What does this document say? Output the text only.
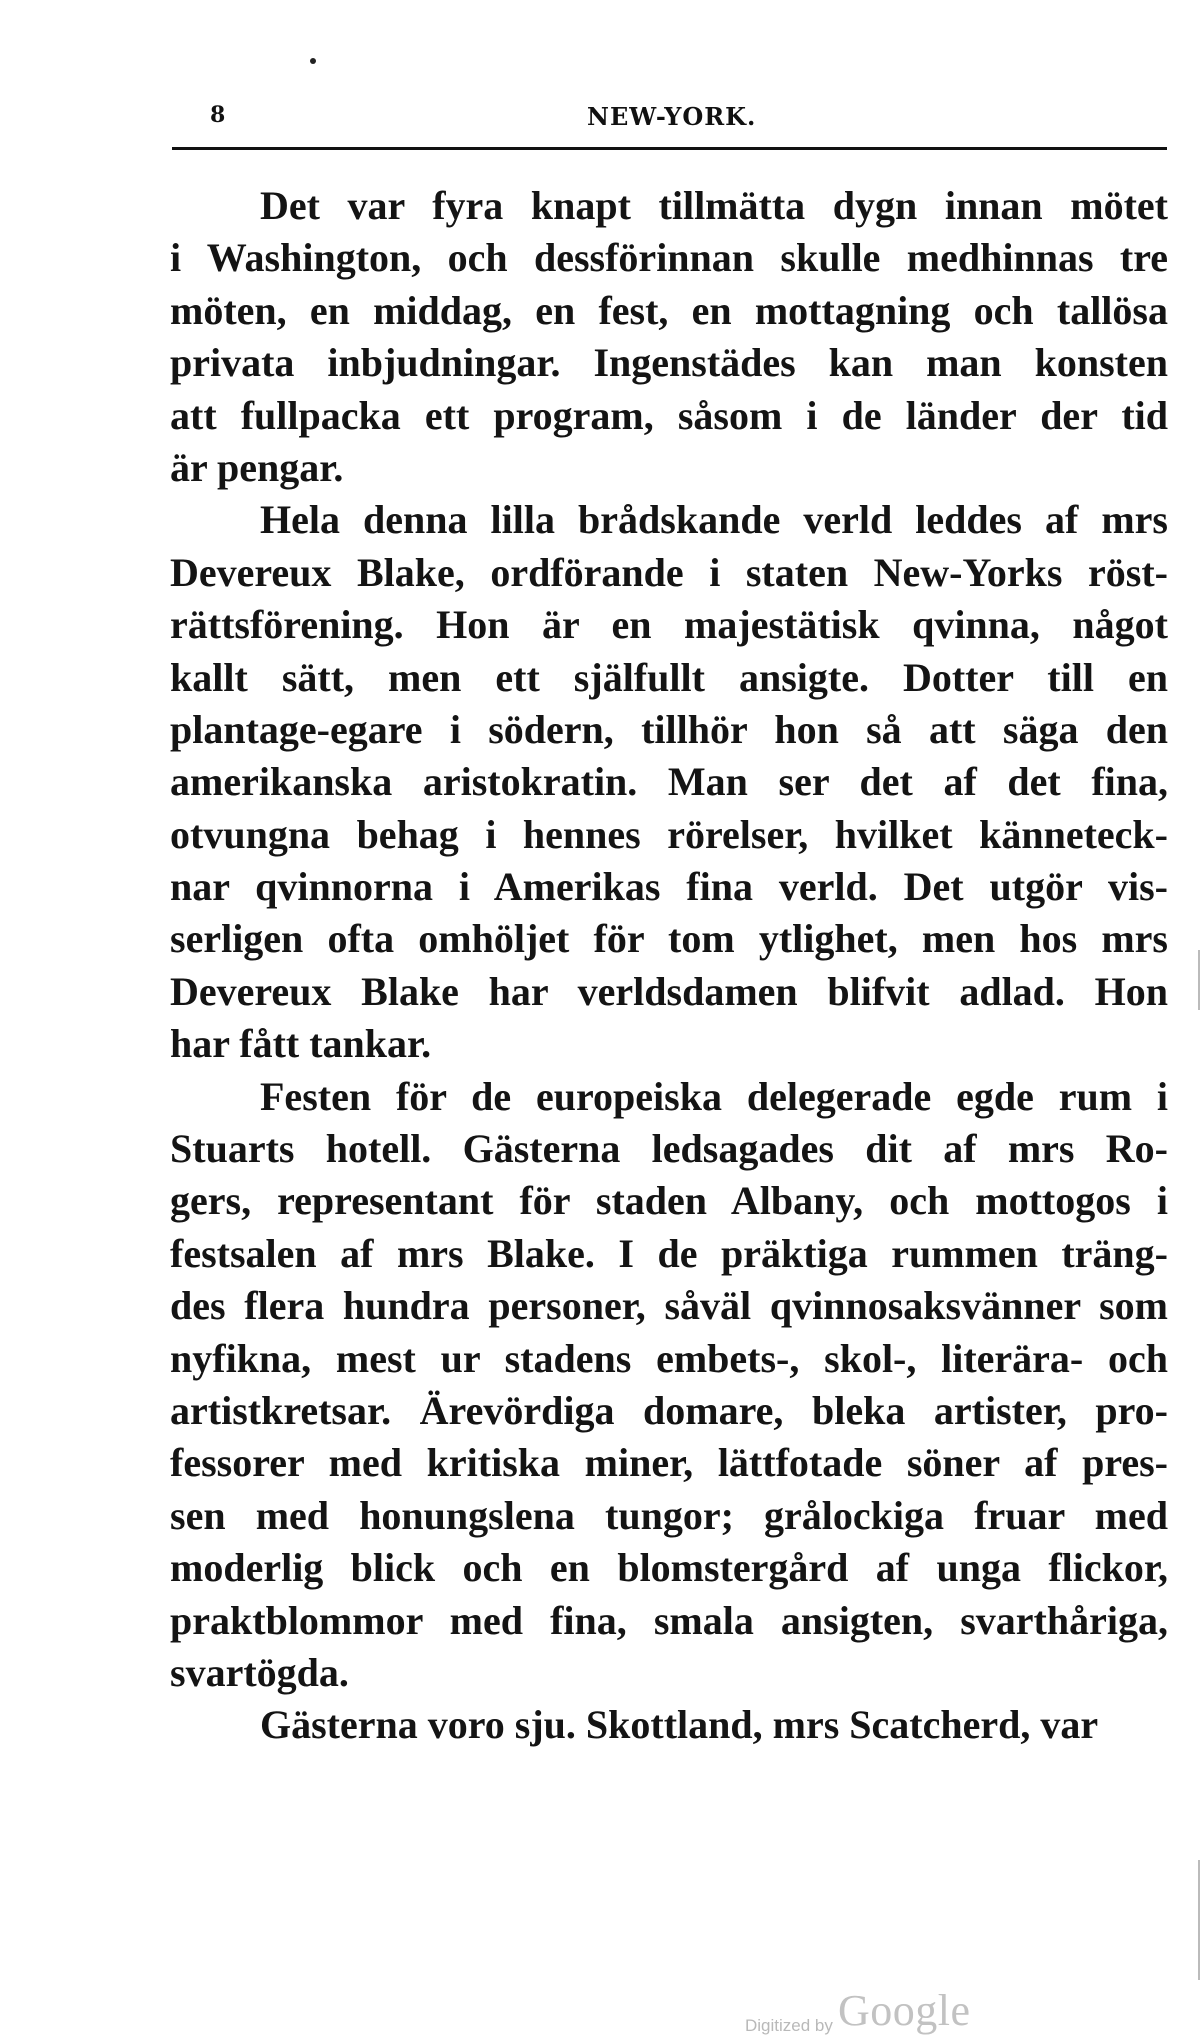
8	NEW-YORK.
Det var fyra knapt tillmätta dygn innan mötet
i Washington, och dessförinnan skulle medhinnas tre
möten, en middag, en fest, en mottagning och tallösa
privata inbjudningar. Ingenstädes kan man konsten
att fullpacka ett program, såsom i de länder der tid
är pengar.
Hela denna lilla brådskande verld leddes af mrs
Devereux Blake, ordförande i staten New-Yorks röst-
rättsförening. Hon är en majestätisk qvinna, något
kallt sätt, men ett själfullt ansigte. Dotter till en
plantage-egare i södern, tillhör hon så att säga den
amerikanska aristokratin. Man ser det af det fina,
otvungna behag i hennes rörelser, hvilket känneteck-
nar qvinnorna i Amerikas fina verld. Det utgör vis-
serligen ofta omhöljet för tom ytlighet, men hos mrs
Devereux Blake har verldsdamen blifvit adlad. Hon
har fått tankar.
Festen för de europeiska delegerade egde rum i
Stuarts hotell. Gästerna ledsagades dit af mrs Ro-
gers, representant för staden Albany, och mottogos i
festsalen af mrs Blake. I de präktiga rummen träng-
des flera hundra personer, såväl qvinnosaksvänner som
nyfikna, mest ur stadens embets-, skol-, literära- och
artistkretsar. Ärevördiga domare, bleka artister, pro-
fessorer med kritiska miner, lättfotade söner af pres-
sen med honungslena tungor; grålockiga fruar med
moderlig blick och en blomstergård af unga flickor,
praktblommor med fina, smala ansigten, svarthåriga,
svartögda.
Gästerna voro sju. Skottland, mrs Scatcherd, var
Digitized by Google
